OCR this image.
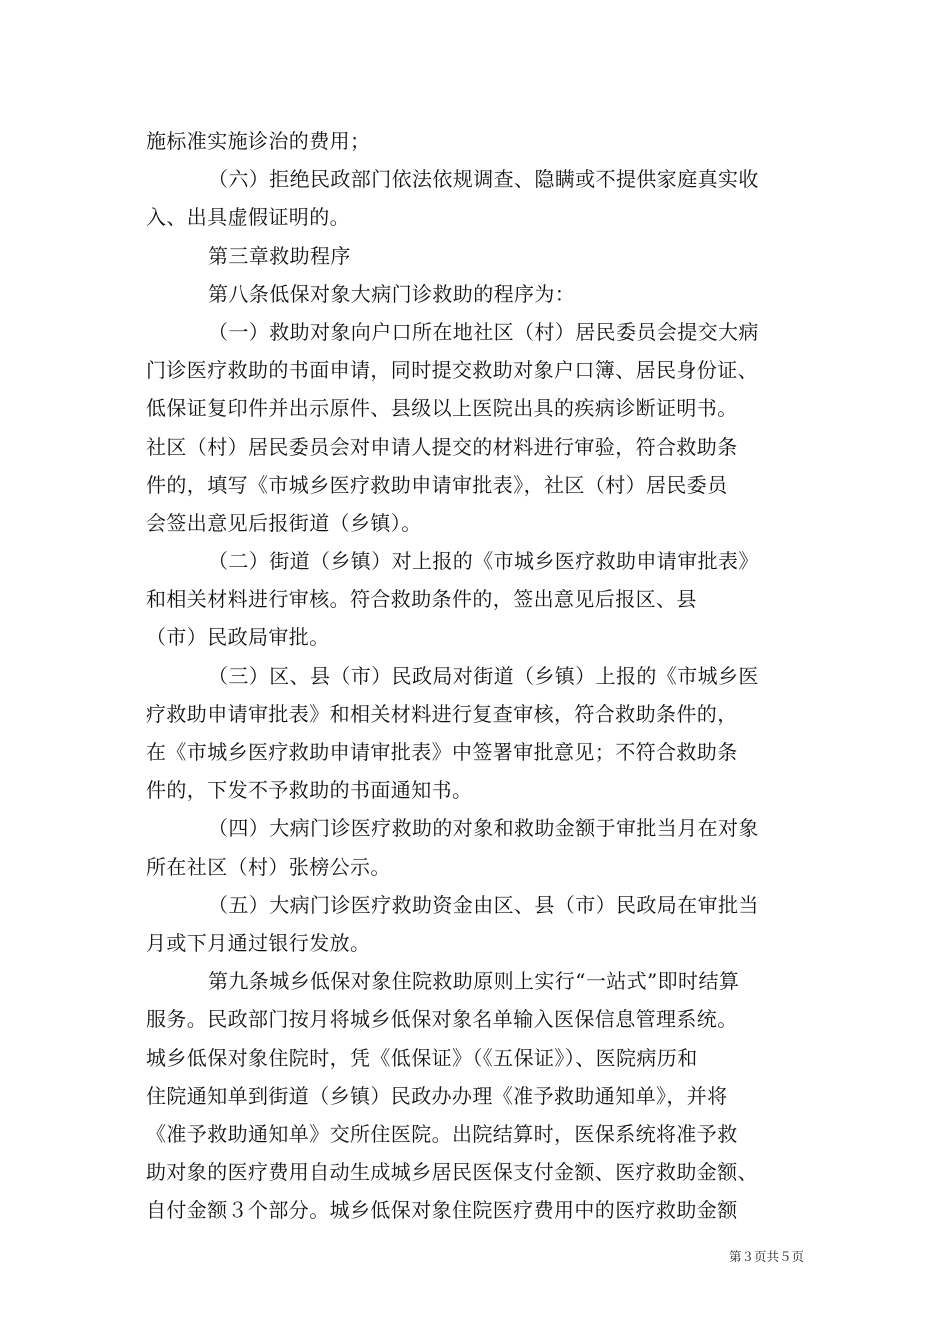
施标准实施诊治的费用；
（六）拒绝民政部门依法依规调查、隐瞒或不提供家庭真实收
入、出具虚假证明的。
第三章救助程序
第八条低保对象大病门诊救助的程序为：
（一）救助对象向户口所在地社区（村）居民委员会提交大病
门诊医疗救助的书面申请，同时提交救助对象户口簿、居民身份证、
低保证复印件并出示原件、县级以上医院出具的疾病诊断证明书。
社区（村）居民委员会对申请人提交的材料进行审验，符合救助条
件的，填写《市城乡医疗救助申请审批表》，社区（村）居民委员
会签出意见后报街道（乡镇）。
（二）街道（乡镇）对上报的《市城乡医疗救助申请审批表》
和相关材料进行审核。符合救助条件的，签出意见后报区、县
（市）民政局审批。
（三）区、县（市）民政局对街道（乡镇）上报的《市城乡医
疗救助申请审批表》和相关材料进行复查审核，符合救助条件的，
在《市城乡医疗救助申请审批表》中签署审批意见；不符合救助条
件的，下发不予救助的书面通知书。
（四）大病门诊医疗救助的对象和救助金额于审批当月在对象
所在社区（村）张榜公示。
（五）大病门诊医疗救助资金由区、县（市）民政局在审批当
月或下月通过银行发放。
第九条城乡低保对象住院救助原则上实行“一站式”即时结算
服务。民政部门按月将城乡低保对象名单输入医保信息管理系统。
城乡低保对象住院时，凭《低保证》（《五保证》）、医院病历和
住院通知单到街道（乡镇）民政办办理《准予救助通知单》，并将
《准予救助通知单》交所住医院。出院结算时，医保系统将准予救
助对象的医疗费用自动生成城乡居民医保支付金额、医疗救助金额、
自付金额３个部分。城乡低保对象住院医疗费用中的医疗救助金额
第３页共５页
